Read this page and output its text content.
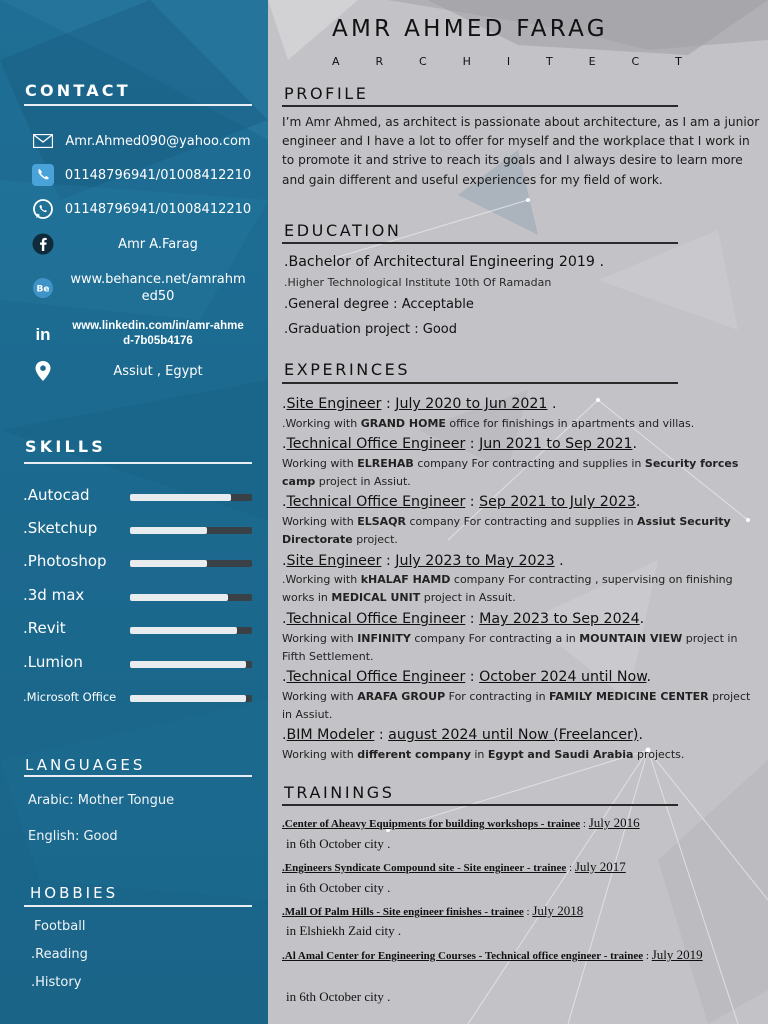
CONTACT
Amr.Ahmed090@yahoo.com
01148796941/01008412210
01148796941/01008412210
Amr A.Farag
Be
www.behance.net/amrahm
ed50
in	www.linkedin.com/in/amr-ahme
d-7b05b4176
Assiut , Egypt
SKILLS
.Autocad
.Sketchup
.Photoshop
.3d max
.Revit
.Lumion
.Microsoft Office
LANGUAGES
Arabic: Mother Tongue
English: Good
HOBBIES
Football
.Reading
.History
AMR AHMED FARAG
A	R	C	H	I	T	E	C	T
PROFILE
I’m Amr Ahmed, as architect is passionate about architecture, as I am a junior engineer and I have a lot to offer for myself and the workplace that I work in to promote it and strive to reach its goals and I always desire to learn more and gain different and useful experiences for my field of work.
EDUCATION
.Bachelor of Architectural Engineering 2019 .
.Higher Technological Institute 10th Of Ramadan
.General degree : Acceptable
.Graduation project : Good
EXPERINCES
.Site Engineer : July 2020 to Jun 2021 .
.Working with GRAND HOME office for finishings in apartments and villas.
.Technical Office Engineer : Jun 2021 to Sep 2021.
Working with ELREHAB company For contracting and supplies in Security forces camp project in Assiut.
.Technical Office Engineer : Sep 2021 to July 2023.
Working with ELSAQR company For contracting and supplies in Assiut Security Directorate project.
.Site Engineer : July 2023 to May 2023 .
.Working with kHALAF HAMD company For contracting , supervising on finishing works in MEDICAL UNIT project in Assuit.
.Technical Office Engineer : May 2023 to Sep 2024.
Working with INFINITY company For contracting a in MOUNTAIN VIEW project in Fifth Settlement.
.Technical Office Engineer : October 2024 until Now.
Working with ARAFA GROUP For contracting in FAMILY MEDICINE CENTER project in Assiut.
.BIM Modeler : august 2024 until Now (Freelancer).
Working with different company in Egypt and Saudi Arabia projects.
TRAININGS
.Center of Aheavy Equipments for building workshops - trainee : July 2016
in 6th October city .
.Engineers Syndicate Compound site - Site engineer - trainee : July 2017
in 6th October city .
.Mall Of Palm Hills - Site engineer finishes - trainee : July 2018
in Elshiekh Zaid city .
.Al Amal Center for Engineering Courses - Technical office engineer - trainee : July 2019
in 6th October city .
